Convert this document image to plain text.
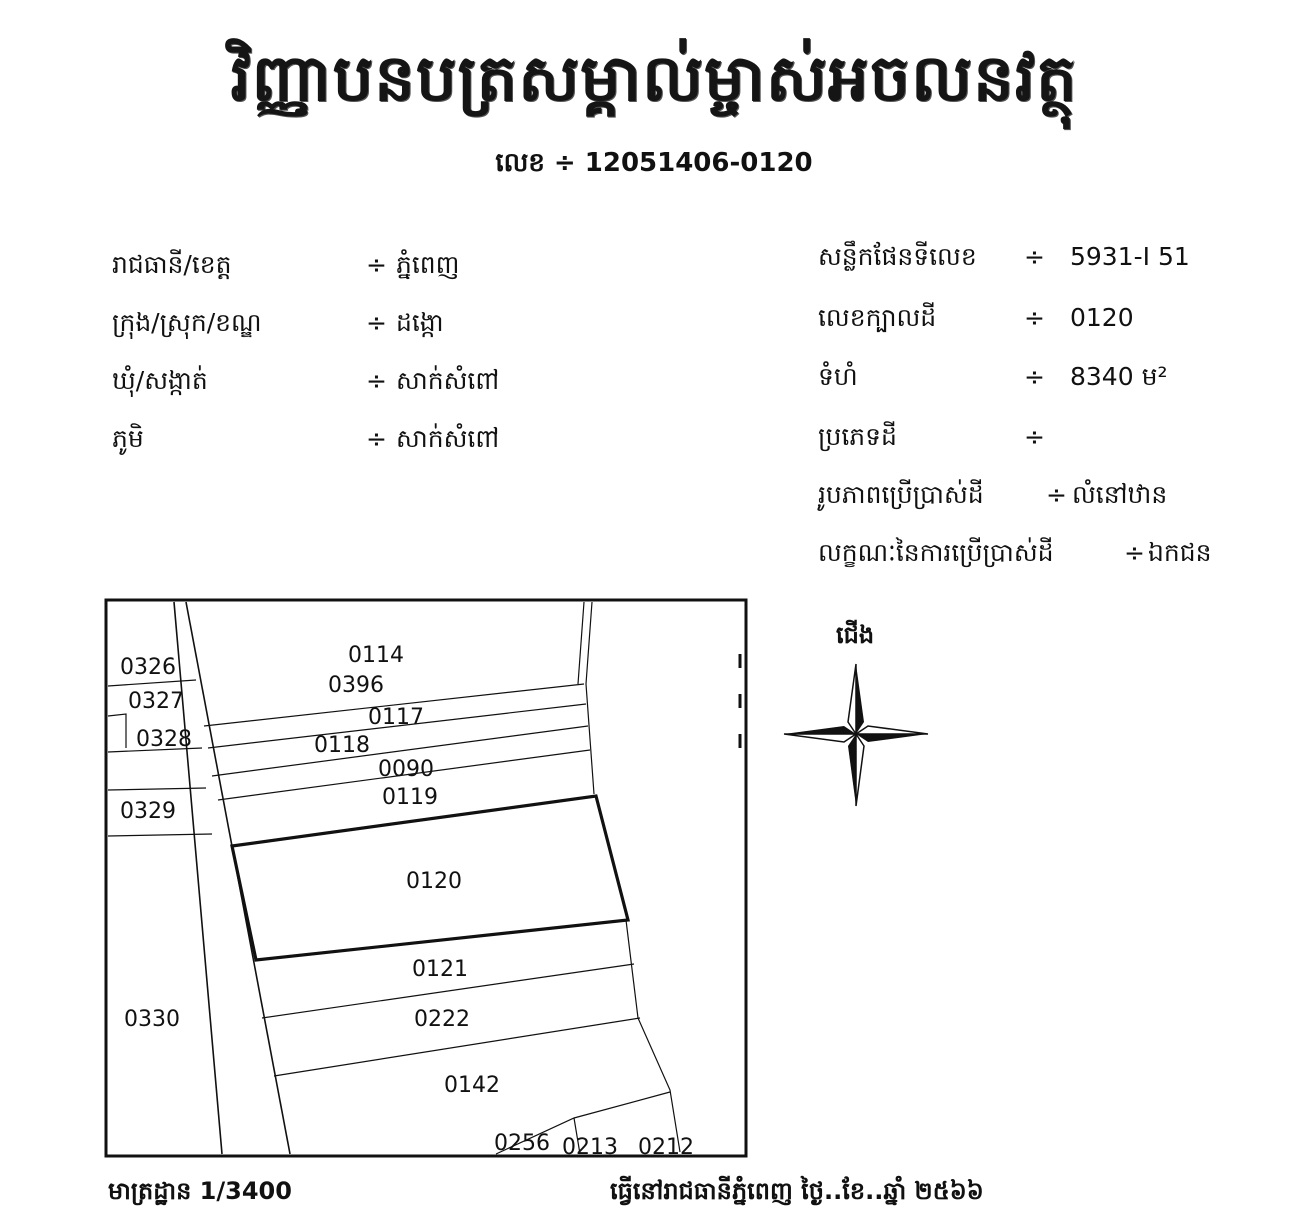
វិញ្ញាបនបត្រសម្គាល់ម្ចាស់អចលនវត្ថុ
លេខ ÷ 12051406-0120
រាជធានី/ខេត្ត	÷ ភ្នំពេញ
ក្រុង/ស្រុក/ខណ្ឌ	÷ ដង្កោ
ឃុំ/សង្កាត់	÷ សាក់សំពៅ
ភូមិ	÷ សាក់សំពៅ
សន្លឹកផែនទីលេខ ÷ 5931-I 51
លេខក្បាលដី	÷ 0120
ទំហំ	÷ 8340 ម²
ប្រភេទដី	÷
រូបភាពប្រើប្រាស់ដី ÷ លំនៅឋាន
លក្ខណៈនៃការប្រើប្រាស់ដី	÷ ឯកជន
0326
0327
0328
0329
0330
0114
0396
0117
0118
0090
0119
0120
0121
0222
0142
0256 0213 0212
ជើង
មាត្រដ្ឋាន 1/3400	ធ្វើនៅរាជធានីភ្នំពេញ ថ្ងៃ..ខែ..ឆ្នាំ ២៥៦៦
